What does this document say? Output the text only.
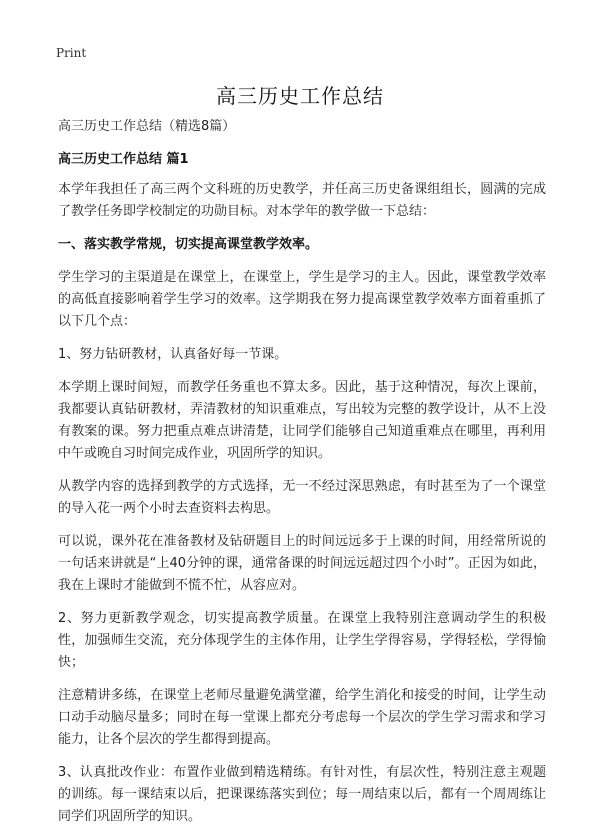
Print
高三历史工作总结

高三历史工作总结（精选8篇）

高三历史工作总结 篇1

本学年我担任了高三两个文科班的历史教学，并任高三历史备课组组长，圆满的完成了教学任务即学校制定的功勋目标。对本学年的教学做一下总结：

一、落实教学常规，切实提高课堂教学效率。

学生学习的主渠道是在课堂上，在课堂上，学生是学习的主人。因此，课堂教学效率的高低直接影响着学生学习的效率。这学期我在努力提高课堂教学效率方面着重抓了以下几个点：

1、努力钻研教材，认真备好每一节课。

本学期上课时间短，而教学任务重也不算太多。因此，基于这种情况，每次上课前，我都要认真钻研教材，弄清教材的知识重难点，写出较为完整的教学设计，从不上没有教案的课。努力把重点难点讲清楚，让同学们能够自己知道重难点在哪里，再利用中午或晚自习时间完成作业，巩固所学的知识。

从教学内容的选择到教学的方式选择，无一不经过深思熟虑，有时甚至为了一个课堂的导入花一两个小时去查资料去构思。

可以说，课外花在准备教材及钻研题目上的时间远远多于上课的时间，用经常所说的一句话来讲就是“上40分钟的课，通常备课的时间远远超过四个小时”。正因为如此，我在上课时才能做到不慌不忙，从容应对。

2、努力更新教学观念，切实提高教学质量。在课堂上我特别注意调动学生的积极性，加强师生交流，充分体现学生的主体作用，让学生学得容易，学得轻松，学得愉快；

注意精讲多练，在课堂上老师尽量避免满堂灌，给学生消化和接受的时间，让学生动口动手动脑尽量多；同时在每一堂课上都充分考虑每一个层次的学生学习需求和学习能力，让各个层次的学生都得到提高。

3、认真批改作业：布置作业做到精选精练。有针对性，有层次性，特别注意主观题的训练。每一课结束以后，把课课练落实到位；每一周结束以后，都有一个周周练让同学们巩固所学的知识。
